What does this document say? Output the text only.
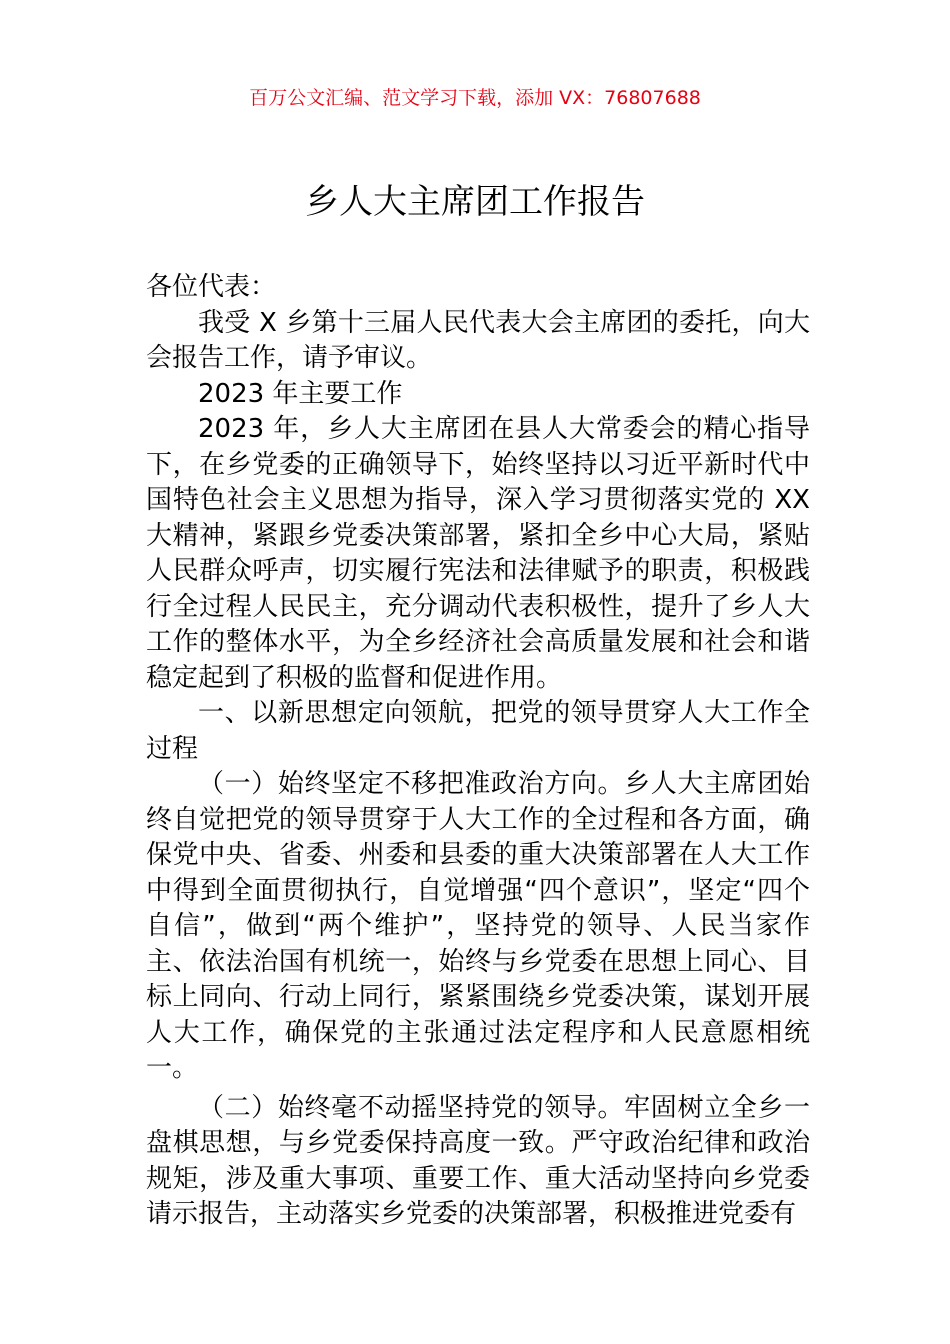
百万公文汇编、范文学习下载，添加 VX：76807688
乡人大主席团工作报告

各位代表：

我受 X 乡第十三届人民代表大会主席团的委托，向大会报告工作，请予审议。

2023 年主要工作

2023 年，乡人大主席团在县人大常委会的精心指导下，在乡党委的正确领导下，始终坚持以习近平新时代中国特色社会主义思想为指导，深入学习贯彻落实党的 XX 大精神，紧跟乡党委决策部署，紧扣全乡中心大局，紧贴人民群众呼声，切实履行宪法和法律赋予的职责，积极践行全过程人民民主，充分调动代表积极性，提升了乡人大工作的整体水平，为全乡经济社会高质量发展和社会和谐稳定起到了积极的监督和促进作用。

一、以新思想定向领航，把党的领导贯穿人大工作全过程

（一）始终坚定不移把准政治方向。乡人大主席团始终自觉把党的领导贯穿于人大工作的全过程和各方面，确保党中央、省委、州委和县委的重大决策部署在人大工作中得到全面贯彻执行，自觉增强“四个意识”，坚定“四个自信”，做到“两个维护”，坚持党的领导、人民当家作主、依法治国有机统一，始终与乡党委在思想上同心、目标上同向、行动上同行，紧紧围绕乡党委决策，谋划开展人大工作，确保党的主张通过法定程序和人民意愿相统一。

（二）始终毫不动摇坚持党的领导。牢固树立全乡一盘棋思想，与乡党委保持高度一致。严守政治纪律和政治规矩，涉及重大事项、重要工作、重大活动坚持向乡党委请示报告，主动落实乡党委的决策部署，积极推进党委有
